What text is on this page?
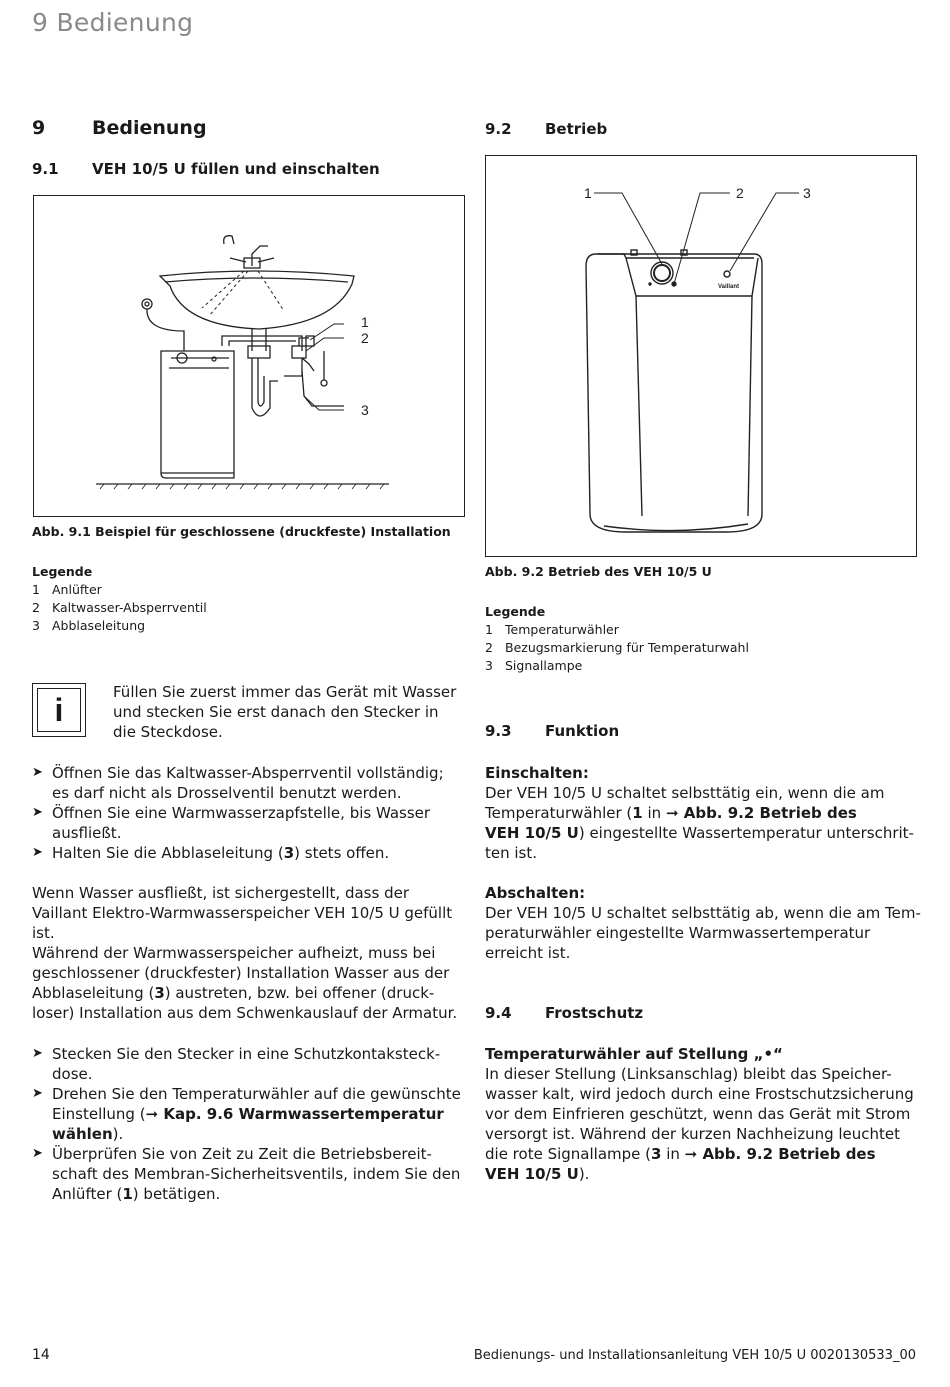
9 Bedienung
9 Bedienung
9.1 VEH 10/5 U füllen und einschalten
1
2
3
Abb. 9.1 Beispiel für geschlossene (druckfeste) Installation
Legende
1 Anlüfter
2 Kaltwasser-Absperrventil
3 Abblaseleitung
i	Füllen Sie zuerst immer das Gerät mit Wasser
und stecken Sie erst danach den Stecker in
die Steckdose.
➤ Öffnen Sie das Kaltwasser-Absperrventil vollständig;
es darf nicht als Drosselventil benutzt werden.
➤ Öffnen Sie eine Warmwasserzapfstelle, bis Wasser
ausfließt.
➤ Halten Sie die Abblaseleitung (3) stets offen.
Wenn Wasser ausfließt, ist sichergestellt, dass der
Vaillant Elektro-Warmwasserspeicher VEH 10/5 U gefüllt
ist.
Während der Warmwasserspeicher aufheizt, muss bei
geschlossener (druckfester) Installation Wasser aus der
Abblaseleitung (3) austreten, bzw. bei offener (druck-
loser) Installation aus dem Schwenkauslauf der Armatur.
➤ Stecken Sie den Stecker in eine Schutzkontaksteck-
dose.
➤ Drehen Sie den Temperaturwähler auf die gewünschte
Einstellung (➞ Kap. 9.6 Warmwassertemperatur
wählen).
➤ Überprüfen Sie von Zeit zu Zeit die Betriebsbereit-
schaft des Membran-Sicherheitsventils, indem Sie den
Anlüfter (1) betätigen.
9.2 Betrieb
Vaillant
1	2	3
Abb. 9.2 Betrieb des VEH 10/5 U
Legende
1 Temperaturwähler
2 Bezugsmarkierung für Temperaturwahl
3 Signallampe
9.3 Funktion
Einschalten:
Der VEH 10/5 U schaltet selbsttätig ein, wenn die am
Temperaturwähler (1 in ➞ Abb. 9.2 Betrieb des
VEH 10/5 U) eingestellte Wassertemperatur unterschrit-
ten ist.
Abschalten:
Der VEH 10/5 U schaltet selbsttätig ab, wenn die am Tem-
peraturwähler eingestellte Warmwassertemperatur
erreicht ist.
9.4 Frostschutz
Temperaturwähler auf Stellung „•“
In dieser Stellung (Linksanschlag) bleibt das Speicher-
wasser kalt, wird jedoch durch eine Frostschutzsicherung
vor dem Einfrieren geschützt, wenn das Gerät mit Strom
versorgt ist. Während der kurzen Nachheizung leuchtet
die rote Signallampe (3 in ➞ Abb. 9.2 Betrieb des
VEH 10/5 U).
14	Bedienungs- und Installationsanleitung VEH 10/5 U 0020130533_00
